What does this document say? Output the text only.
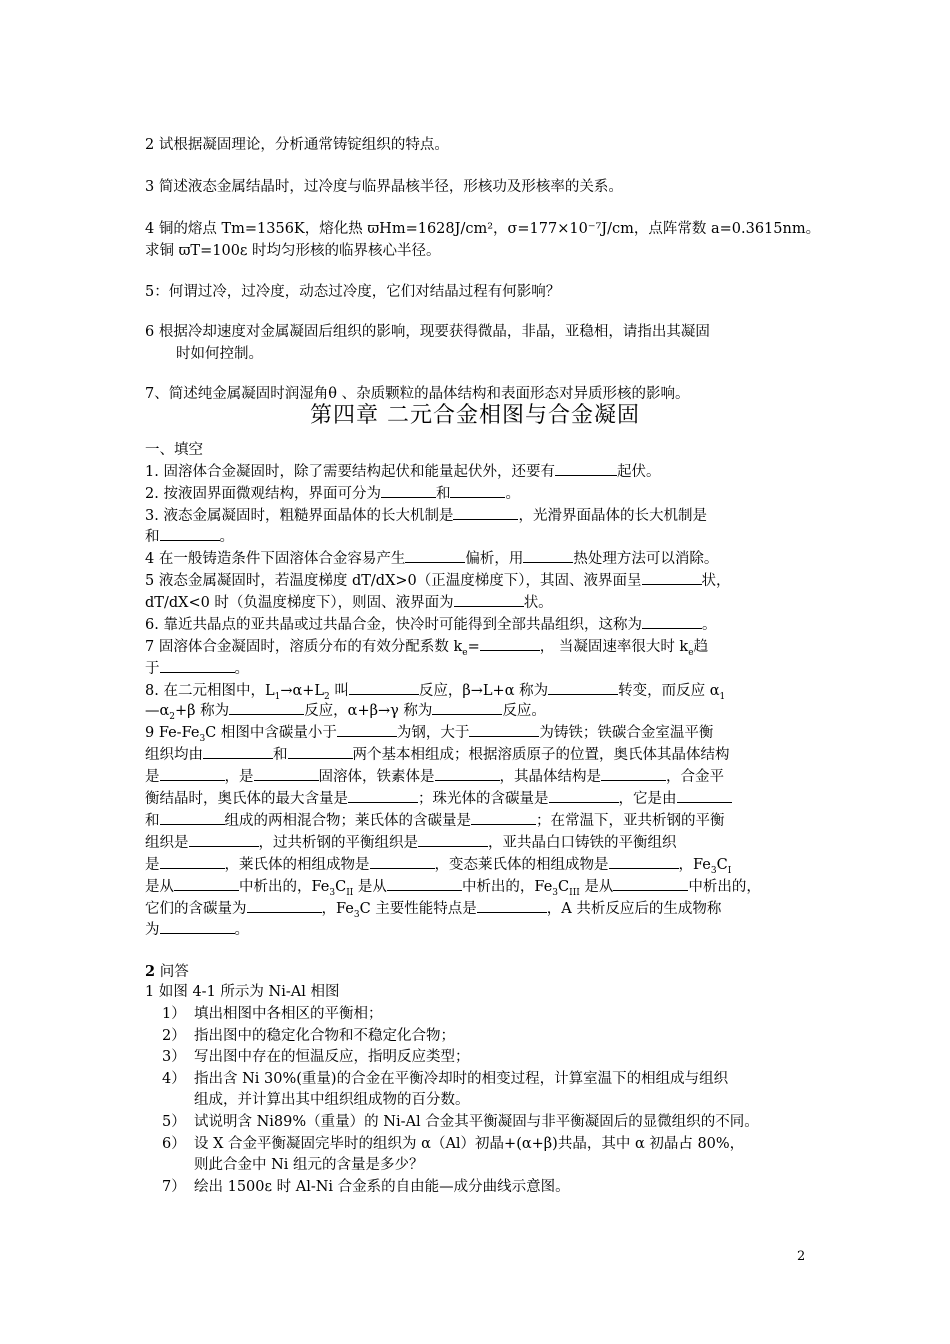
2 试根据凝固理论，分析通常铸锭组织的特点。
3 简述液态金属结晶时，过冷度与临界晶核半径，形核功及形核率的关系。
4 铜的熔点 Tm=1356K，熔化热 ϖHm=1628J/cm²，σ=177×10⁻⁷J/cm，点阵常数 a=0.3615nm。
求铜 ϖT=100ε 时均匀形核的临界核心半径。
5：何谓过冷，过冷度，动态过冷度，它们对结晶过程有何影响？
6 根据冷却速度对金属凝固后组织的影响，现要获得微晶，非晶，亚稳相，请指出其凝固
时如何控制。
7、简述纯金属凝固时润湿角θ 、杂质颗粒的晶体结构和表面形态对异质形核的影响。
第四章 二元合金相图与合金凝固
一、填空
1. 固溶体合金凝固时，除了需要结构起伏和能量起伏外，还要有	起伏。
2. 按液固界面微观结构，界面可分为	和	。
3. 液态金属凝固时，粗糙界面晶体的长大机制是	，光滑界面晶体的长大机制是
和	。
4 在一般铸造条件下固溶体合金容易产生	偏析，用	热处理方法可以消除。
5 液态金属凝固时，若温度梯度 dT/dX>0（正温度梯度下），其固、液界面呈	状，
dT/dX<0 时（负温度梯度下），则固、液界面为	状。
6. 靠近共晶点的亚共晶或过共晶合金，快冷时可能得到全部共晶组织，这称为	。
7 固溶体合金凝固时，溶质分布的有效分配系数 $k_e=$	， 当凝固速率很大时 $k_e$趋
于	。
8. 在二元相图中，$L_1\to\alpha+L_2$ 叫	反应，β→L+α 称为	转变，而反应 $\alpha_1$
$—\alpha_2+\beta$ 称为	反应，α+β→γ 称为	反应。
9 $Fe-Fe_3C$ 相图中含碳量小于	为钢，大于	为铸铁；铁碳合金室温平衡
组织均由	和	两个基本相组成；根据溶质原子的位置，奥氏体其晶体结构
是	，是	固溶体，铁素体是	，其晶体结构是	，合金平
衡结晶时，奥氏体的最大含量是	；珠光体的含碳量是	，它是由
和	组成的两相混合物；莱氏体的含碳量是	；在常温下，亚共析钢的平衡
组织是	，过共析钢的平衡组织是	，亚共晶白口铸铁的平衡组织
是	，莱氏体的相组成物是	，变态莱氏体的相组成物是	，$Fe_3C_I$
是从	中析出的，$Fe_3C_{II}$ 是从	中析出的，$Fe_3C_{III}$ 是从	中析出的，
它们的含碳量为	，$Fe_3C$ 主要性能特点是	，A 共析反应后的生成物称
为	。
2 问答
1 如图 4-1 所示为 Ni-Al 相图
1） 填出相图中各相区的平衡相；
2） 指出图中的稳定化合物和不稳定化合物；
3） 写出图中存在的恒温反应，指明反应类型；
4） 指出含 Ni 30%(重量)的合金在平衡冷却时的相变过程，计算室温下的相组成与组织
组成，并计算出其中组织组成物的百分数。
5） 试说明含 Ni89%（重量）的 Ni-Al 合金其平衡凝固与非平衡凝固后的显微组织的不同。
6） 设 X 合金平衡凝固完毕时的组织为 α（Al）初晶+(α+β)共晶，其中 α 初晶占 80%，
则此合金中 Ni 组元的含量是多少？
7） 绘出 1500ε 时 Al-Ni 合金系的自由能—成分曲线示意图。
2
